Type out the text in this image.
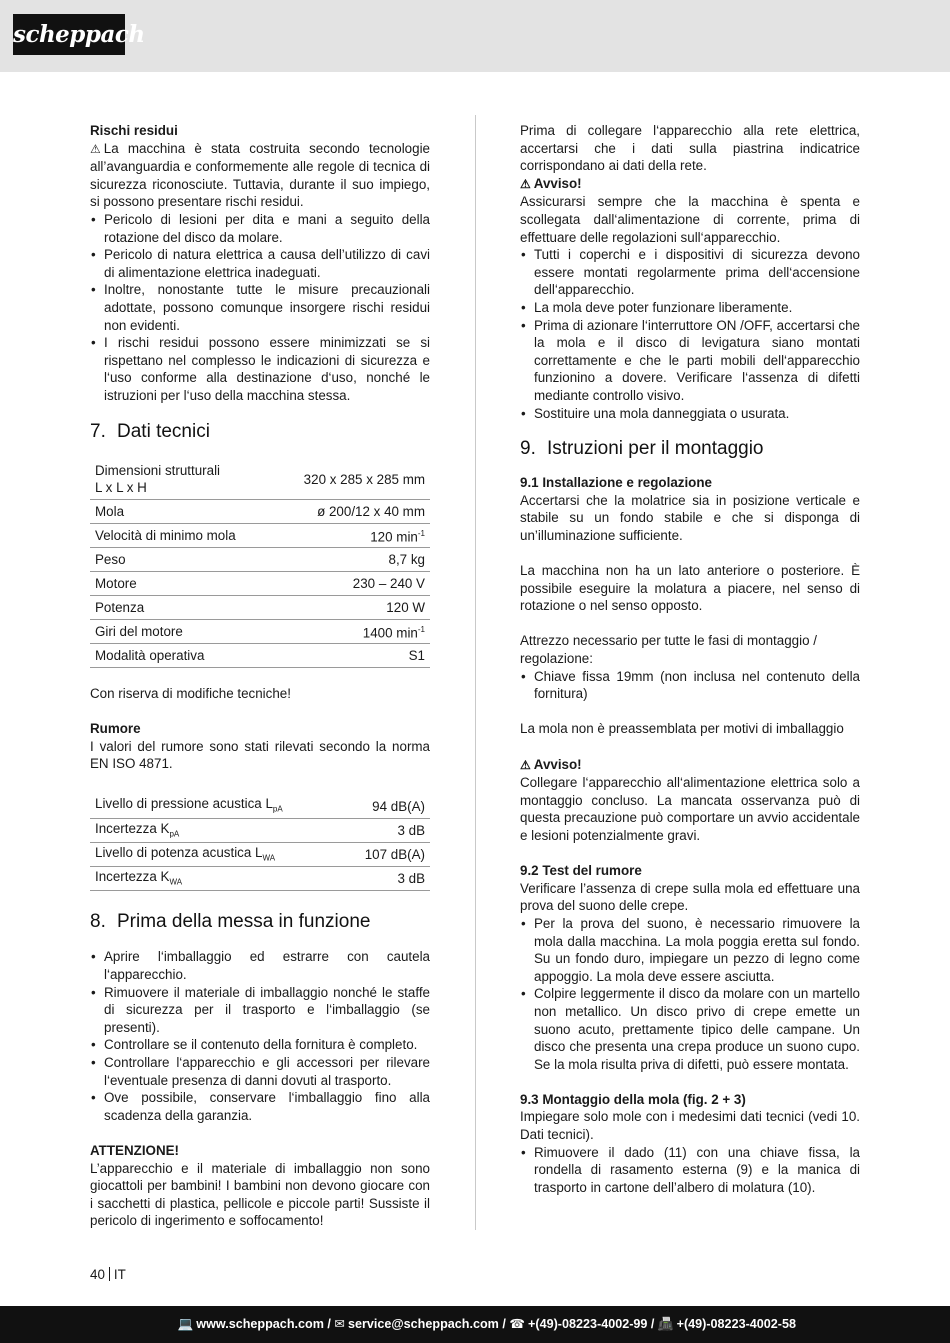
scheppach
Rischi residui
⚠ La macchina è stata costruita secondo tecnologie all’avanguardia e conformemente alle regole di tecnica di sicurezza riconosciute. Tuttavia, durante il suo impiego, si possono presentare rischi residui.
• Pericolo di lesioni per dita e mani a seguito della rotazione del disco da molare.
• Pericolo di natura elettrica a causa dell’utilizzo di cavi di alimentazione elettrica inadeguati.
• Inoltre, nonostante tutte le misure precauzionali adottate, possono comunque insorgere rischi residui non evidenti.
• I rischi residui possono essere minimizzati se si rispettano nel complesso le indicazioni di sicurezza e l‘uso conforme alla destinazione d‘uso, nonché le istruzioni per l‘uso della macchina stessa.
7. Dati tecnici
Dimensioni strutturali
L x L x H	320 x 285 x 285 mm
Mola	ø 200/12 x 40 mm
Velocità di minimo mola	120 $\min^{-1}$
Peso	8,7 kg
Motore	230 – 240 V
Potenza	120 W
Giri del motore	1400 $\min^{-1}$
Modalità operativa	S1
Con riserva di modifiche tecniche!
Rumore
I valori del rumore sono stati rilevati secondo la norma EN ISO 4871.
Livello di pressione acustica $L_{pA}$	94 dB(A)
Incertezza $K_{pA}$	3 dB
Livello di potenza acustica $L_{WA}$	107 dB(A)
Incertezza $K_{WA}$	3 dB
8. Prima della messa in funzione
• Aprire l‘imballaggio ed estrarre con cautela l‘apparecchio.
• Rimuovere il materiale di imballaggio nonché le staffe di sicurezza per il trasporto e l‘imballaggio (se presenti).
• Controllare se il contenuto della fornitura è completo.
• Controllare l‘apparecchio e gli accessori per rilevare l‘eventuale presenza di danni dovuti al trasporto.
• Ove possibile, conservare l‘imballaggio fino alla scadenza della garanzia.
ATTENZIONE!
L’apparecchio e il materiale di imballaggio non sono giocattoli per bambini! I bambini non devono giocare con i sacchetti di plastica, pellicole e piccole parti! Sussiste il pericolo di ingerimento e soffocamento!
Prima di collegare l‘apparecchio alla rete elettrica, accertarsi che i dati sulla piastrina indicatrice corrispondano ai dati della rete.
⚠ Avviso!
Assicurarsi sempre che la macchina è spenta e scollegata dall‘alimentazione di corrente, prima di effettuare delle regolazioni sull‘apparecchio.
• Tutti i coperchi e i dispositivi di sicurezza devono essere montati regolarmente prima dell‘accensione dell‘apparecchio.
• La mola deve poter funzionare liberamente.
• Prima di azionare l‘interruttore ON /OFF, accertarsi che la mola e il disco di levigatura siano montati correttamente e che le parti mobili dell‘apparecchio funzionino a dovere. Verificare l‘assenza di difetti mediante controllo visivo.
• Sostituire una mola danneggiata o usurata.
9. Istruzioni per il montaggio
9.1 Installazione e regolazione
Accertarsi che la molatrice sia in posizione verticale e stabile su un fondo stabile e che si disponga di un’illuminazione sufficiente.
La macchina non ha un lato anteriore o posteriore. È possibile eseguire la molatura a piacere, nel senso di rotazione o nel senso opposto.
Attrezzo necessario per tutte le fasi di montaggio / regolazione:
• Chiave fissa 19mm (non inclusa nel contenuto della fornitura)
La mola non è preassemblata per motivi di imballaggio
⚠ Avviso!
Collegare l‘apparecchio all‘alimentazione elettrica solo a montaggio concluso. La mancata osservanza può di questa precauzione può comportare un avvio accidentale e lesioni potenzialmente gravi.
9.2 Test del rumore
Verificare l’assenza di crepe sulla mola ed effettuare una prova del suono delle crepe.
• Per la prova del suono, è necessario rimuovere la mola dalla macchina. La mola poggia eretta sul fondo. Su un fondo duro, impiegare un pezzo di legno come appoggio. La mola deve essere asciutta.
• Colpire leggermente il disco da molare con un martello non metallico. Un disco privo di crepe emette un suono acuto, prettamente tipico delle campane. Un disco che presenta una crepa produce un suono cupo. Se la mola risulta priva di difetti, può essere montata.
9.3 Montaggio della mola (fig. 2 + 3)
Impiegare solo mole con i medesimi dati tecnici (vedi 10. Dati tecnici).
• Rimuovere il dado (11) con una chiave fissa, la rondella di rasamento esterna (9) e la manica di trasporto in cartone dell’albero di molatura (10).
40 IT
💻 www.scheppach.com / ✉ service@scheppach.com / ☎ +(49)-08223-4002-99 / 📠 +(49)-08223-4002-58
